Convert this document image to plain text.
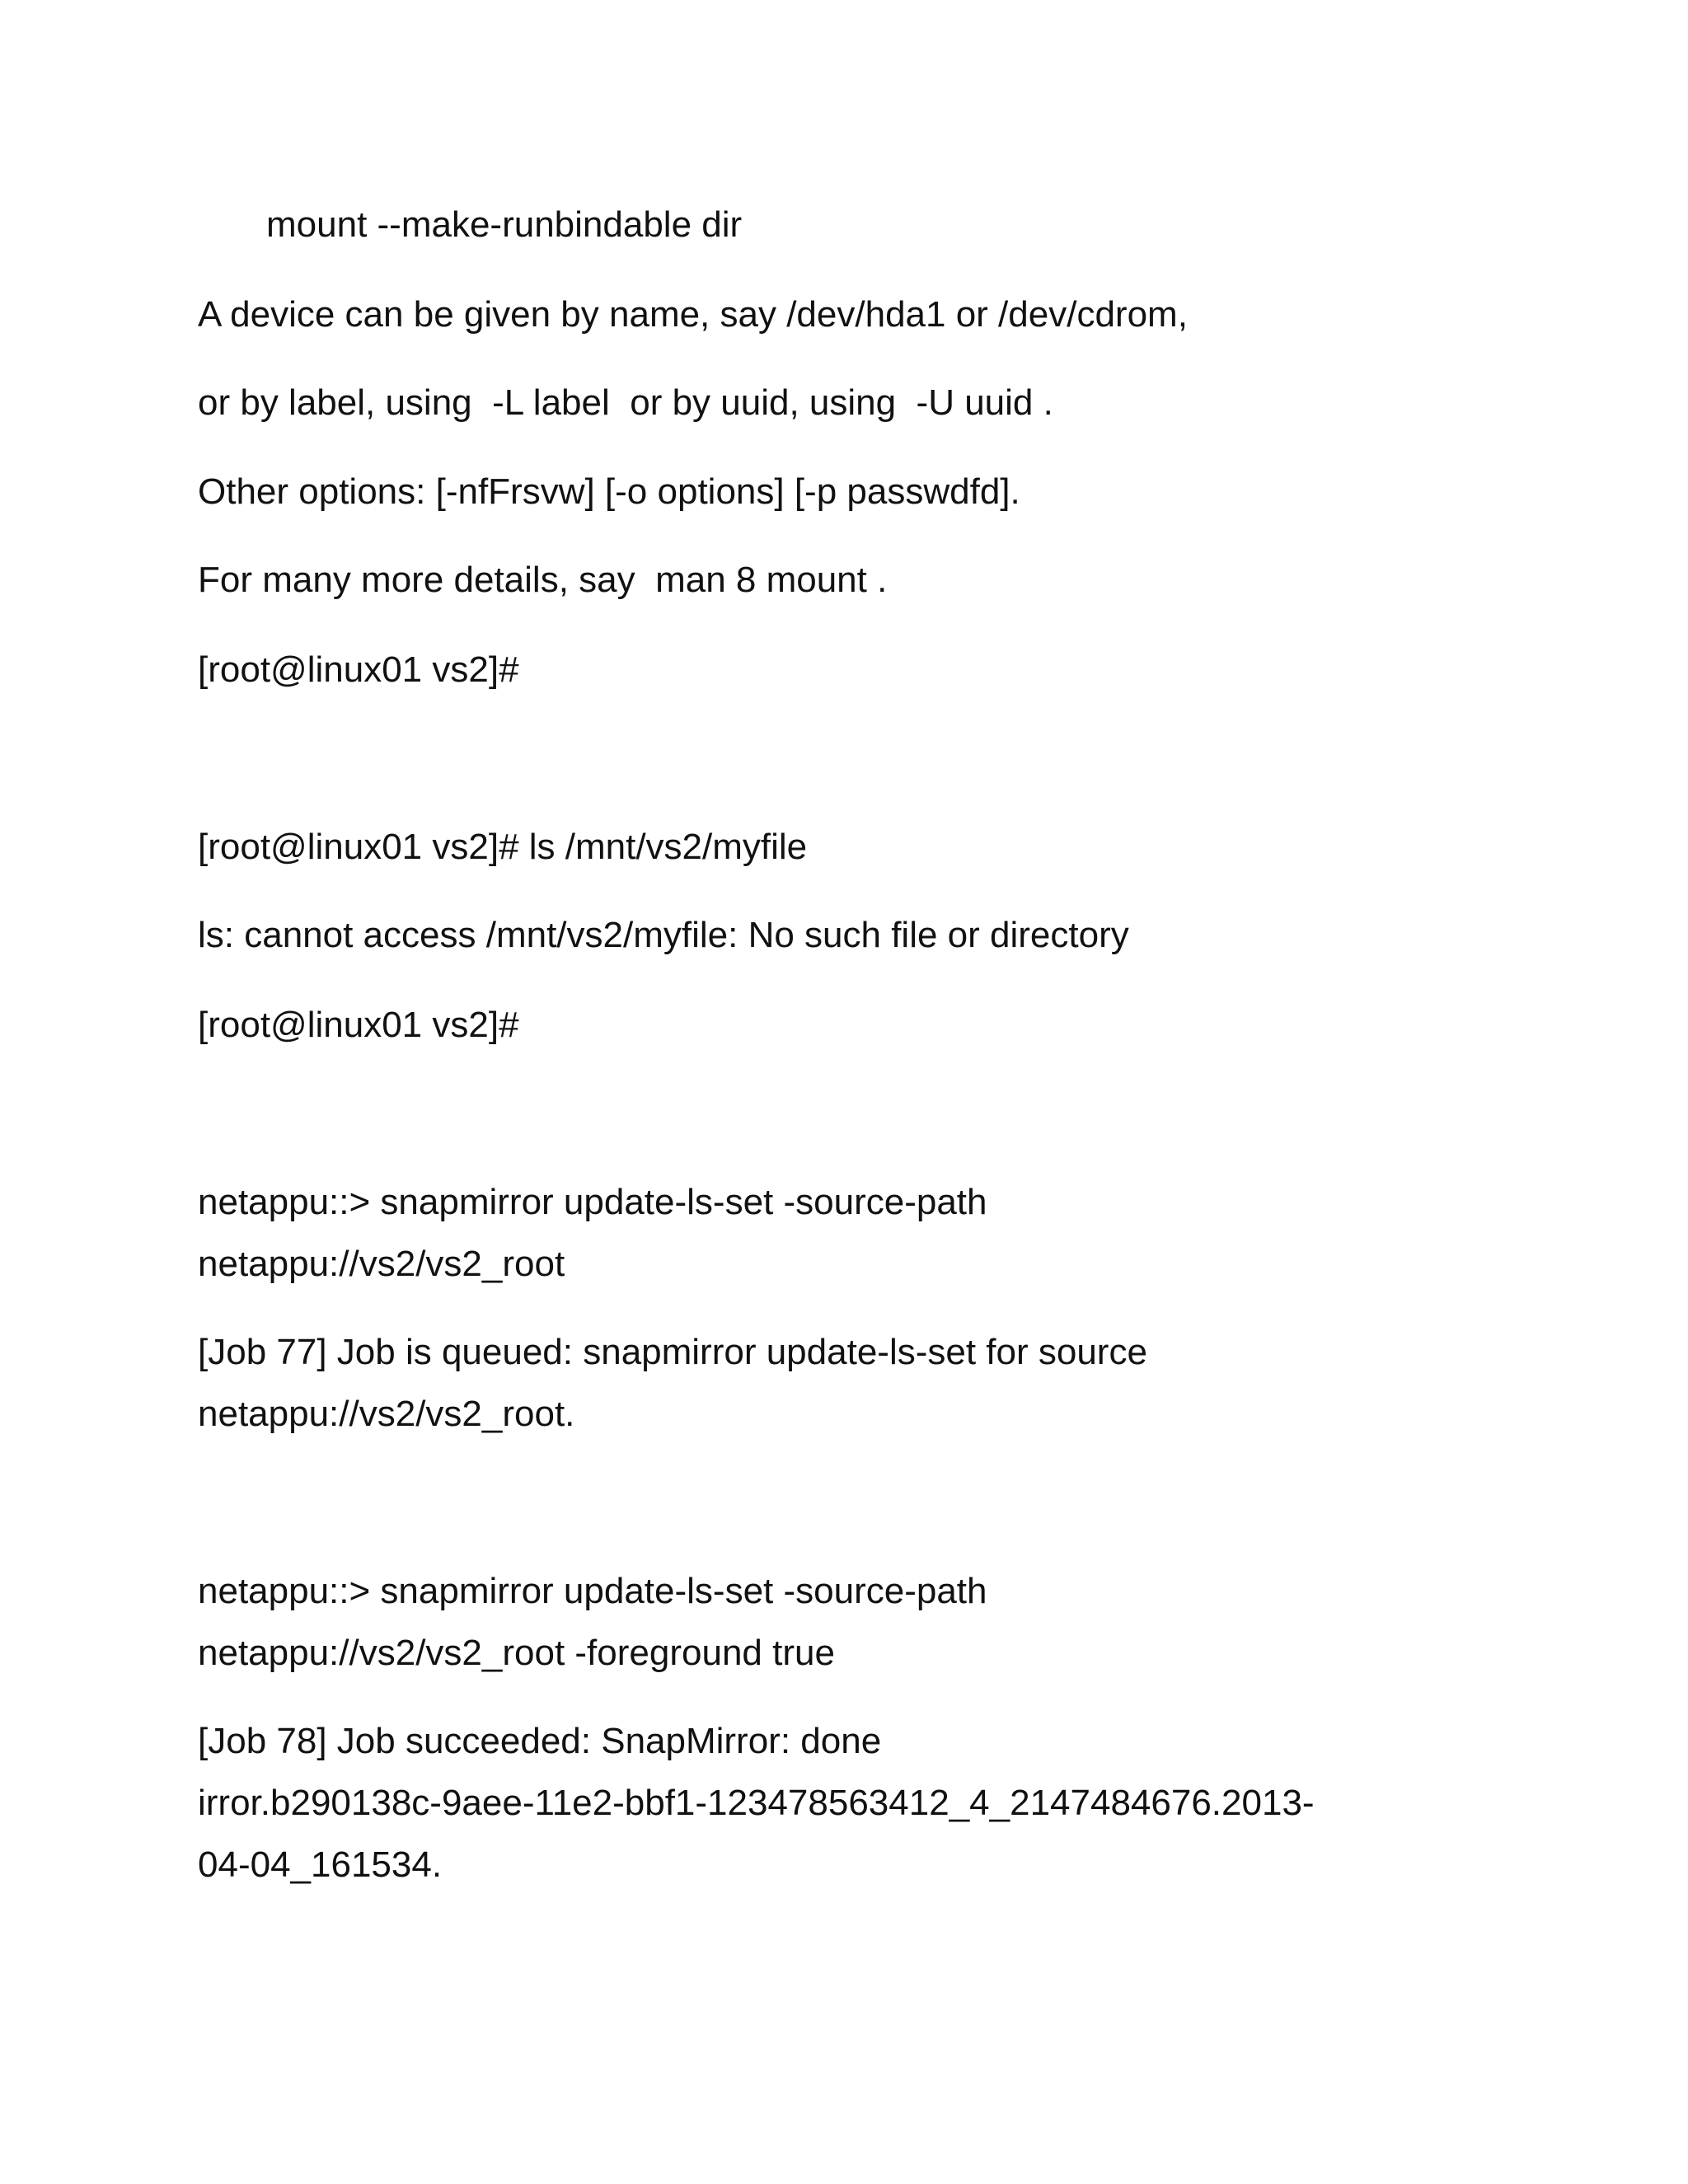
mount --make-runbindable dir
A device can be given by name, say /dev/hda1 or /dev/cdrom,
or by label, using  -L label  or by uuid, using  -U uuid .
Other options: [-nfFrsvw] [-o options] [-p passwdfd].
For many more details, say  man 8 mount .
[root@linux01 vs2]#
[root@linux01 vs2]# ls /mnt/vs2/myfile
ls: cannot access /mnt/vs2/myfile: No such file or directory
[root@linux01 vs2]#
netappu::> snapmirror update-ls-set -source-path
netappu://vs2/vs2_root
[Job 77] Job is queued: snapmirror update-ls-set for source
netappu://vs2/vs2_root.
netappu::> snapmirror update-ls-set -source-path
netappu://vs2/vs2_root -foreground true
[Job 78] Job succeeded: SnapMirror: done
irror.b290138c-9aee-11e2-bbf1-123478563412_4_2147484676.2013-
04-04_161534.
